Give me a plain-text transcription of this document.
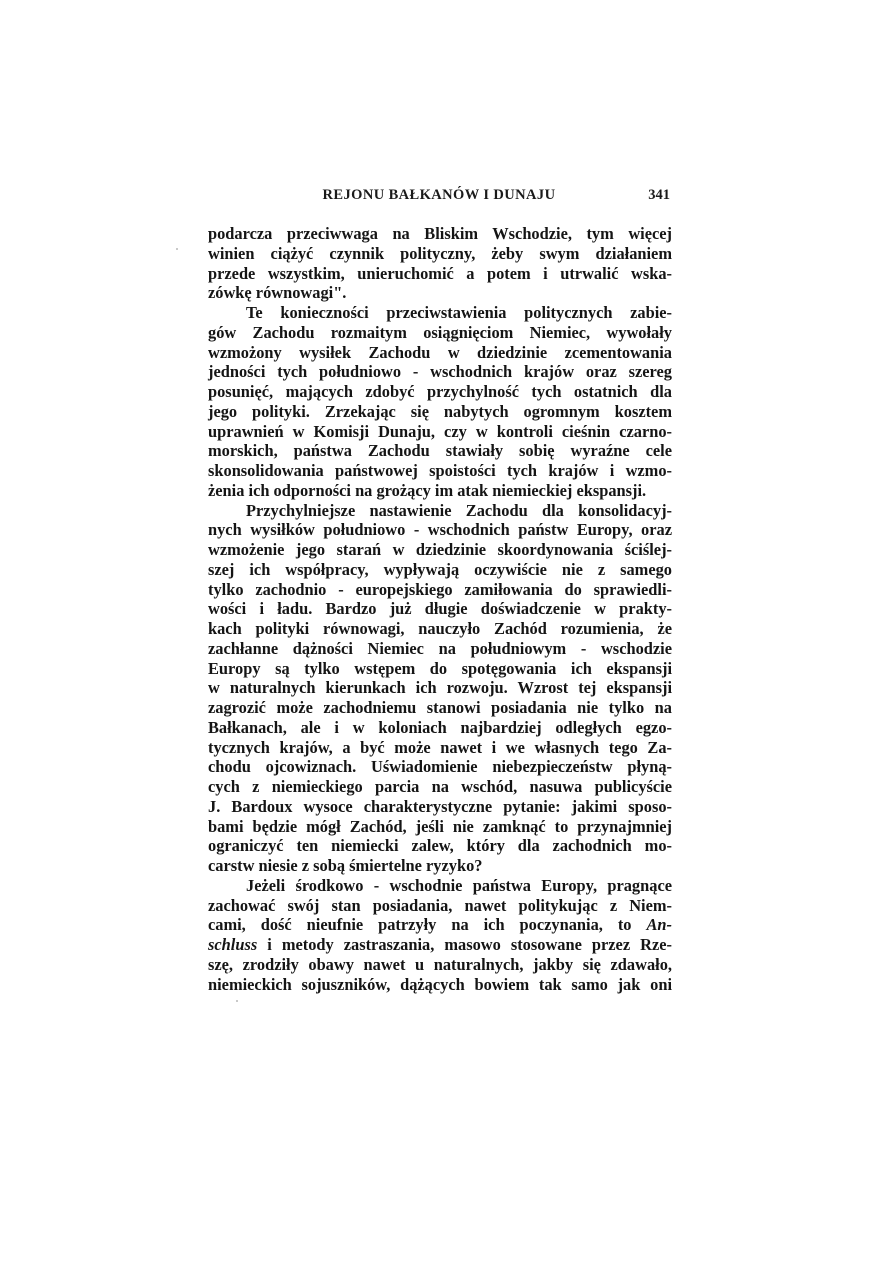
REJONU BAŁKANÓW I DUNAJU	341
podarcza przeciwwaga na Bliskim Wschodzie, tym więcej
winien ciążyć czynnik polityczny, żeby swym działaniem
przede wszystkim, unieruchomić a potem i utrwalić wska-
zówkę równowagi".
Te konieczności przeciwstawienia politycznych zabie-
gów Zachodu rozmaitym osiągnięciom Niemiec, wywołały
wzmożony wysiłek Zachodu w dziedzinie zcementowania
jedności tych południowo - wschodnich krajów oraz szereg
posunięć, mających zdobyć przychylność tych ostatnich dla
jego polityki. Zrzekając się nabytych ogromnym kosztem
uprawnień w Komisji Dunaju, czy w kontroli cieśnin czarno-
morskich, państwa Zachodu stawiały sobię wyraźne cele
skonsolidowania państwowej spoistości tych krajów i wzmo-
żenia ich odporności na grożący im atak niemieckiej ekspansji.
Przychylniejsze nastawienie Zachodu dla konsolidacyj-
nych wysiłków południowo - wschodnich państw Europy, oraz
wzmożenie jego starań w dziedzinie skoordynowania ściślej-
szej ich współpracy, wypływają oczywiście nie z samego
tylko zachodnio - europejskiego zamiłowania do sprawiedli-
wości i ładu. Bardzo już długie doświadczenie w prakty-
kach polityki równowagi, nauczyło Zachód rozumienia, że
zachłanne dążności Niemiec na południowym - wschodzie
Europy są tylko wstępem do spotęgowania ich ekspansji
w naturalnych kierunkach ich rozwoju. Wzrost tej ekspansji
zagrozić może zachodniemu stanowi posiadania nie tylko na
Bałkanach, ale i w koloniach najbardziej odległych egzo-
tycznych krajów, a być może nawet i we własnych tego Za-
chodu ojcowiznach. Uświadomienie niebezpieczeństw płyną-
cych z niemieckiego parcia na wschód, nasuwa publicyście
J. Bardoux wysoce charakterystyczne pytanie: jakimi sposo-
bami będzie mógł Zachód, jeśli nie zamknąć to przynajmniej
ograniczyć ten niemiecki zalew, który dla zachodnich mo-
carstw niesie z sobą śmiertelne ryzyko?
Jeżeli środkowo - wschodnie państwa Europy, pragnące
zachować swój stan posiadania, nawet politykując z Niem-
cami, dość nieufnie patrzyły na ich poczynania, to An-
schluss i metody zastraszania, masowo stosowane przez Rze-
szę, zrodziły obawy nawet u naturalnych, jakby się zdawało,
niemieckich sojuszników, dążących bowiem tak samo jak oni
